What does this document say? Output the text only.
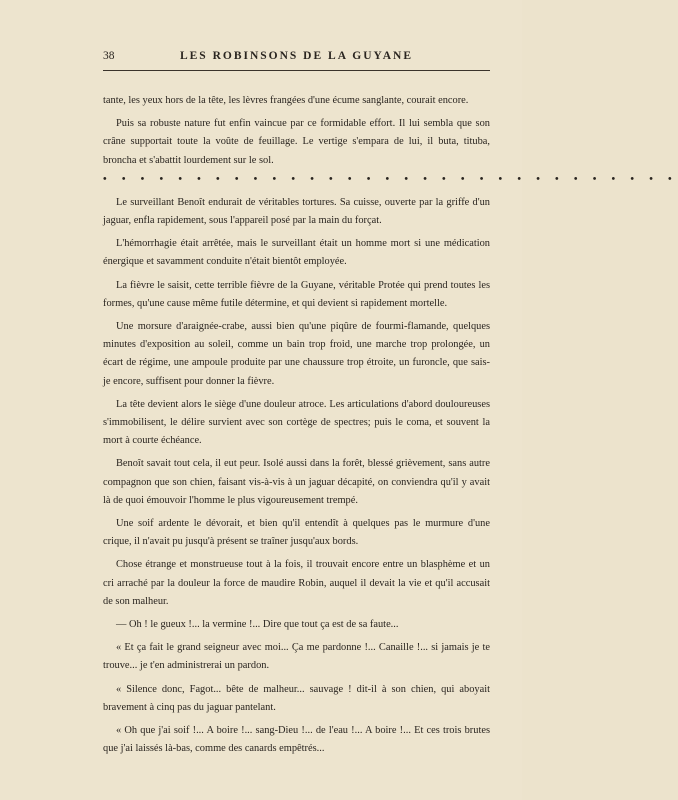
38	LES ROBINSONS DE LA GUYANE

tante, les yeux hors de la tête, les lèvres frangées d'une écume sanglante, courait encore.

Puis sa robuste nature fut enfin vaincue par ce formidable effort. Il lui sembla que son crâne supportait toute la voûte de feuillage. Le vertige s'empara de lui, il buta, tituba, broncha et s'abattit lourdement sur le sol.

• • • • • • • • • • • • • • • • • • • • • • • • • • • • • • •

Le surveillant Benoît endurait de véritables tortures. Sa cuisse, ouverte par la griffe d'un jaguar, enfla rapidement, sous l'appareil posé par la main du forçat.

L'hémorrhagie était arrêtée, mais le surveillant était un homme mort si une médication énergique et savamment conduite n'était bientôt employée.

La fièvre le saisit, cette terrible fièvre de la Guyane, véritable Protée qui prend toutes les formes, qu'une cause même futile détermine, et qui devient si rapidement mortelle.

Une morsure d'araignée-crabe, aussi bien qu'une piqûre de fourmi-flamande, quelques minutes d'exposition au soleil, comme un bain trop froid, une marche trop prolongée, un écart de régime, une ampoule produite par une chaussure trop étroite, un furoncle, que sais-je encore, suffisent pour donner la fièvre.

La tête devient alors le siège d'une douleur atroce. Les articulations d'abord douloureuses s'immobilisent, le délire survient avec son cortège de spectres; puis le coma, et souvent la mort à courte échéance.

Benoît savait tout cela, il eut peur. Isolé aussi dans la forêt, blessé grièvement, sans autre compagnon que son chien, faisant vis-à-vis à un jaguar décapité, on conviendra qu'il y avait là de quoi émouvoir l'homme le plus vigoureusement trempé.

Une soif ardente le dévorait, et bien qu'il entendît à quelques pas le murmure d'une crique, il n'avait pu jusqu'à présent se traîner jusqu'aux bords.

Chose étrange et monstrueuse tout à la fois, il trouvait encore entre un blasphème et un cri arraché par la douleur la force de maudire Robin, auquel il devait la vie et qu'il accusait de son malheur.

— Oh ! le gueux !... la vermine !... Dire que tout ça est de sa faute...

« Et ça fait le grand seigneur avec moi... Ça me pardonne !... Canaille !... si jamais je te trouve... je t'en administrerai un pardon.

« Silence donc, Fagot... bête de malheur... sauvage ! dit-il à son chien, qui aboyait bravement à cinq pas du jaguar pantelant.

« Oh que j'ai soif !... A boire !... sang-Dieu !... de l'eau !... A boire !... Et ces trois brutes que j'ai laissés là-bas, comme des canards empêtrés...
